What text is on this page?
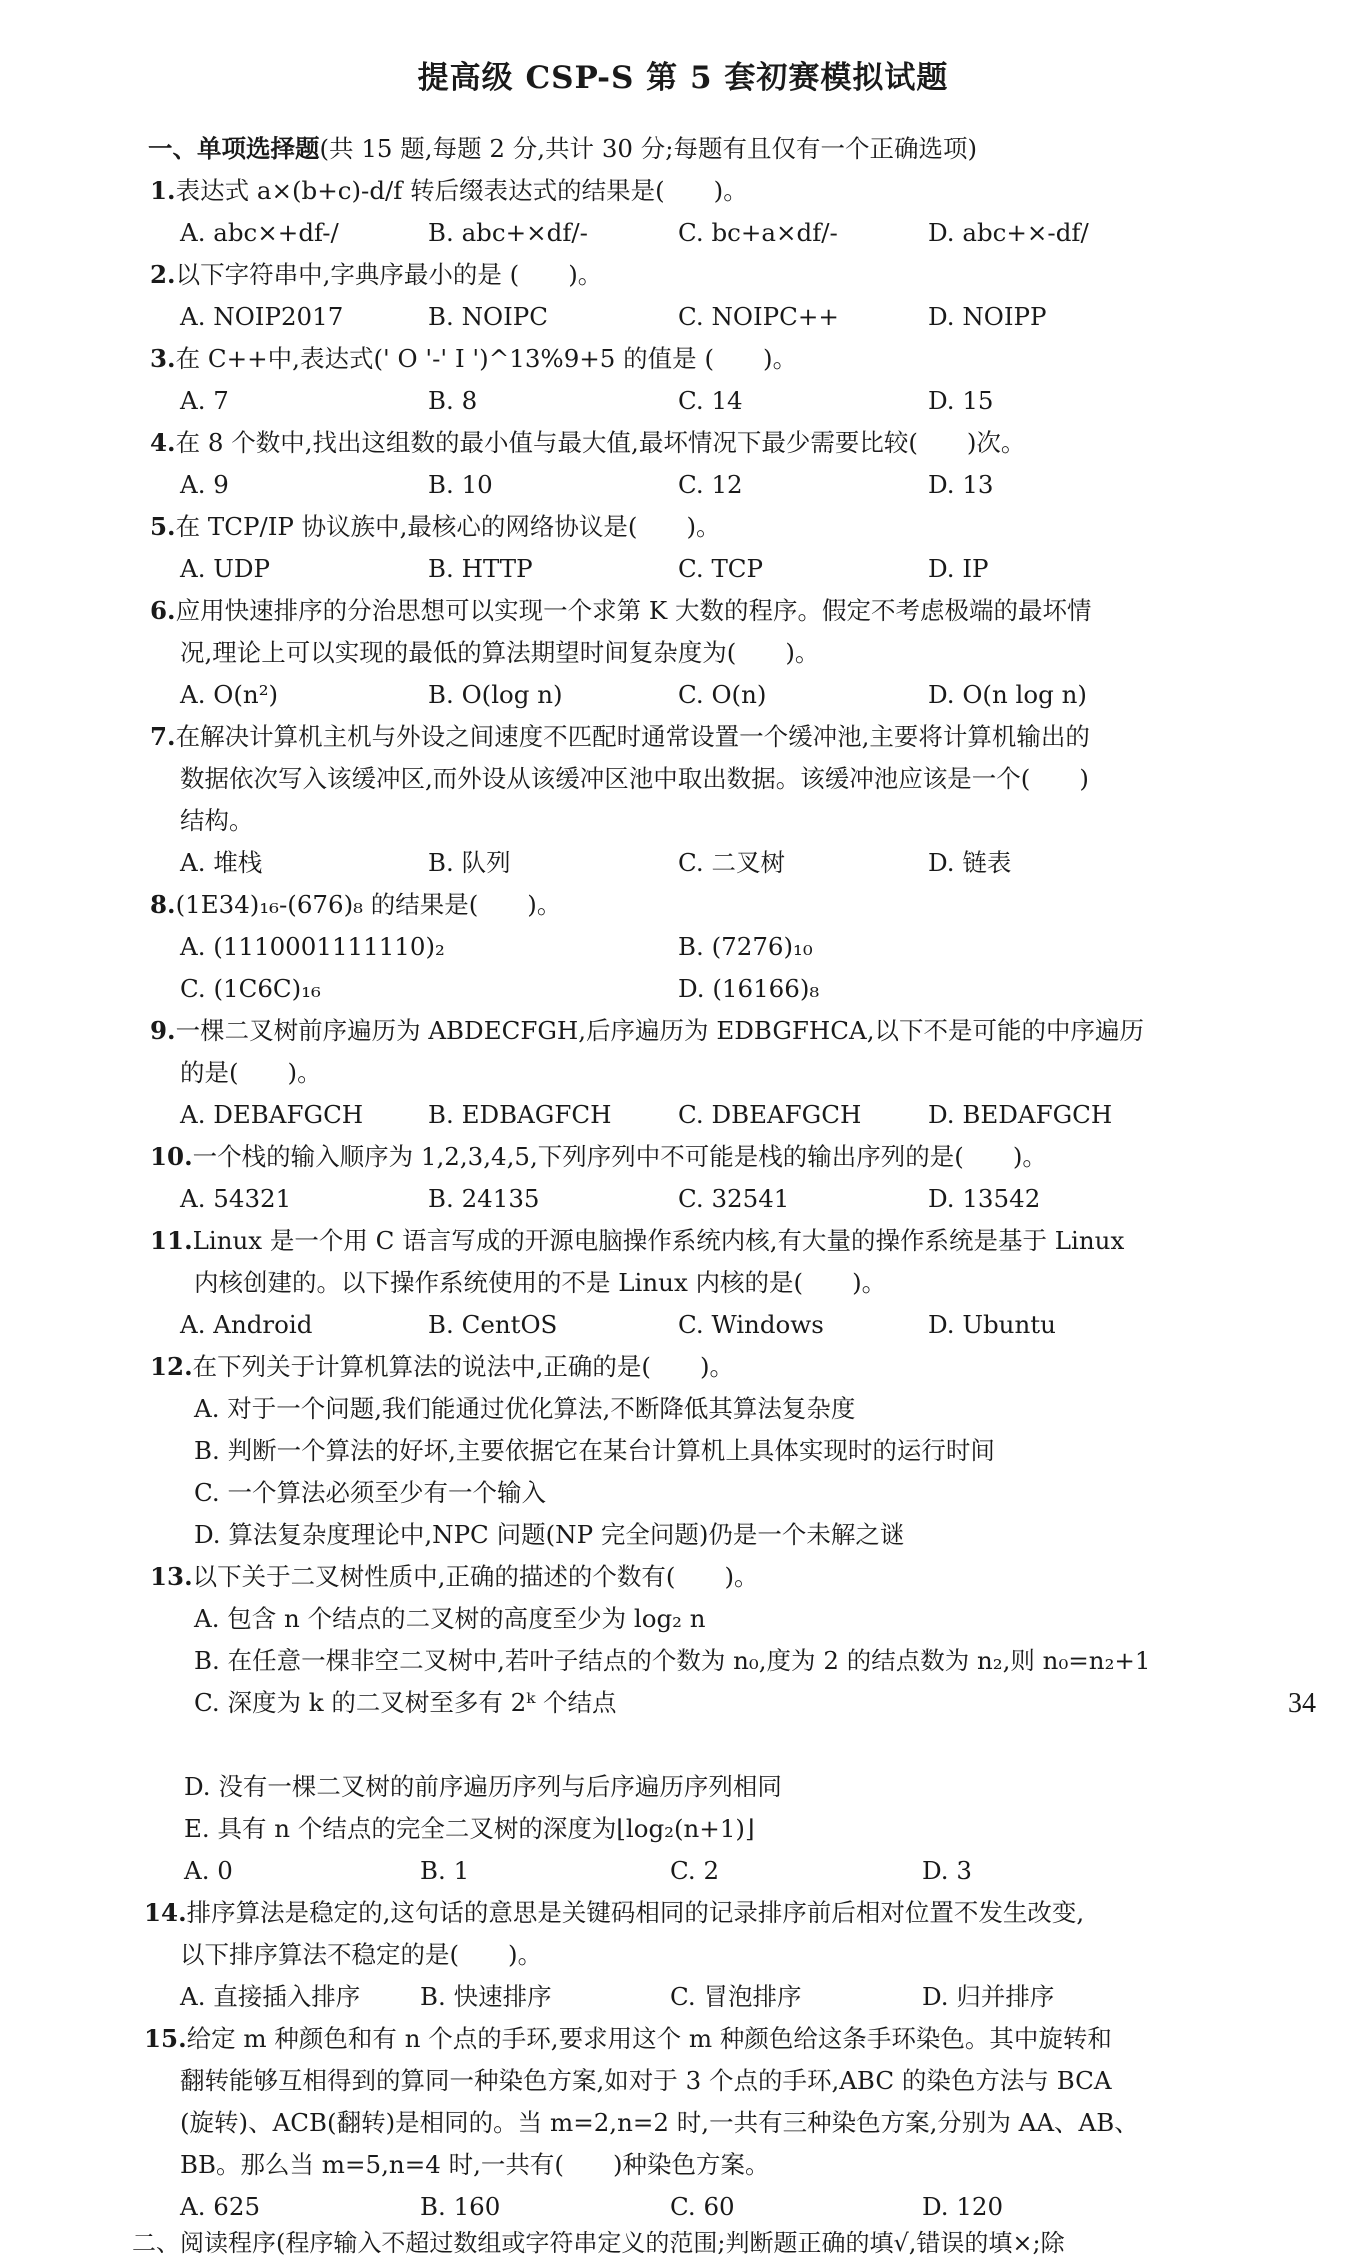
提高级 CSP-S 第 5 套初赛模拟试题
一、单项选择题(共 15 题,每题 2 分,共计 30 分;每题有且仅有一个正确选项)
1.表达式 a×(b+c)-d/f 转后缀表达式的结果是(　　)。
A. abc×+df-/	B. abc+×df/-	C. bc+a×df/-	D. abc+×-df/
2.以下字符串中,字典序最小的是 (　　)。
A. NOIP2017	B. NOIPC	C. NOIPC++	D. NOIPP
3.在 C++中,表达式(' O '-' I ')^13%9+5 的值是 (　　)。
A. 7	B. 8	C. 14	D. 15
4.在 8 个数中,找出这组数的最小值与最大值,最坏情况下最少需要比较(　　)次。
A. 9	B. 10	C. 12	D. 13
5.在 TCP/IP 协议族中,最核心的网络协议是(　　)。
A. UDP	B. HTTP	C. TCP	D. IP
6.应用快速排序的分治思想可以实现一个求第 K 大数的程序。假定不考虑极端的最坏情
况,理论上可以实现的最低的算法期望时间复杂度为(　　)。
A. O(n²)	B. O(log n)	C. O(n)	D. O(n log n)
7.在解决计算机主机与外设之间速度不匹配时通常设置一个缓冲池,主要将计算机输出的
数据依次写入该缓冲区,而外设从该缓冲区池中取出数据。该缓冲池应该是一个(　　)
结构。
A. 堆栈	B. 队列	C. 二叉树	D. 链表
8.(1E34)₁₆-(676)₈ 的结果是(　　)。
A. (1110001111110)₂	B. (7276)₁₀
C. (1C6C)₁₆	D. (16166)₈
9.一棵二叉树前序遍历为 ABDECFGH,后序遍历为 EDBGFHCA,以下不是可能的中序遍历
的是(　　)。
A. DEBAFGCH	B. EDBAGFCH	C. DBEAFGCH	D. BEDAFGCH
10.一个栈的输入顺序为 1,2,3,4,5,下列序列中不可能是栈的输出序列的是(　　)。
A. 54321	B. 24135	C. 32541	D. 13542
11.Linux 是一个用 C 语言写成的开源电脑操作系统内核,有大量的操作系统是基于 Linux
内核创建的。以下操作系统使用的不是 Linux 内核的是(　　)。
A. Android	B. CentOS	C. Windows	D. Ubuntu
12.在下列关于计算机算法的说法中,正确的是(　　)。
A. 对于一个问题,我们能通过优化算法,不断降低其算法复杂度
B. 判断一个算法的好坏,主要依据它在某台计算机上具体实现时的运行时间
C. 一个算法必须至少有一个输入
D. 算法复杂度理论中,NPC 问题(NP 完全问题)仍是一个未解之谜
13.以下关于二叉树性质中,正确的描述的个数有(　　)。
A. 包含 n 个结点的二叉树的高度至少为 log₂ n
B. 在任意一棵非空二叉树中,若叶子结点的个数为 n₀,度为 2 的结点数为 n₂,则 n₀=n₂+1
C. 深度为 k 的二叉树至多有 2ᵏ 个结点	34
D. 没有一棵二叉树的前序遍历序列与后序遍历序列相同
E. 具有 n 个结点的完全二叉树的深度为⌊log₂(n+1)⌋
A. 0	B. 1	C. 2	D. 3
14.排序算法是稳定的,这句话的意思是关键码相同的记录排序前后相对位置不发生改变,
以下排序算法不稳定的是(　　)。
A. 直接插入排序 B. 快速排序	C. 冒泡排序	D. 归并排序
15.给定 m 种颜色和有 n 个点的手环,要求用这个 m 种颜色给这条手环染色。其中旋转和
翻转能够互相得到的算同一种染色方案,如对于 3 个点的手环,ABC 的染色方法与 BCA
(旋转)、ACB(翻转)是相同的。当 m=2,n=2 时,一共有三种染色方案,分别为 AA、AB、
BB。那么当 m=5,n=4 时,一共有(　　)种染色方案。
A. 625	B. 160	C. 60	D. 120
二、阅读程序(程序输入不超过数组或字符串定义的范围;判断题正确的填√,错误的填×;除
